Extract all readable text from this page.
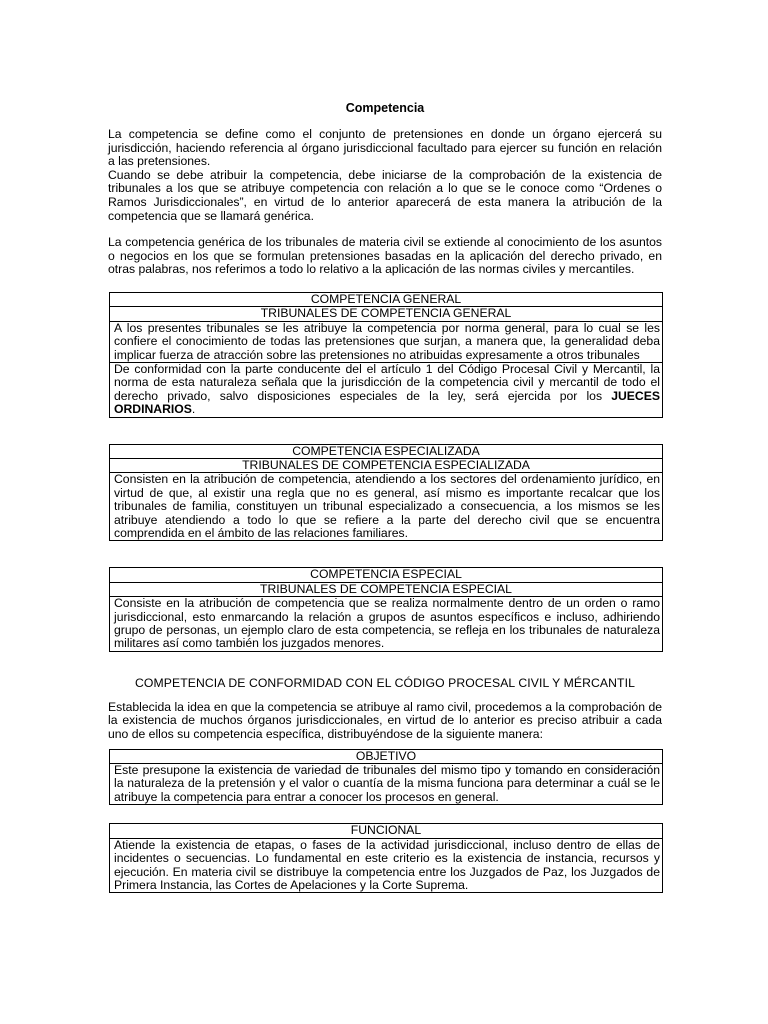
Competencia

La competencia se define como el conjunto de pretensiones en donde un órgano ejercerá su jurisdicción, haciendo referencia al órgano jurisdiccional facultado para ejercer su función en relación a las pretensiones.

Cuando se debe atribuir la competencia, debe iniciarse de la comprobación de la existencia de tribunales a los que se atribuye competencia con relación a lo que se le conoce como “Ordenes o Ramos Jurisdiccionales”, en virtud de lo anterior aparecerá de esta manera la atribución de la competencia que se llamará genérica.

La competencia genérica de los tribunales de materia civil se extiende al conocimiento de los asuntos o negocios en los que se formulan pretensiones basadas en la aplicación del derecho privado, en otras palabras, nos referimos a todo lo relativo a la aplicación de las normas civiles y mercantiles.

COMPETENCIA GENERAL
TRIBUNALES DE COMPETENCIA GENERAL
A los presentes tribunales se les atribuye la competencia por norma general, para lo cual se les confiere el conocimiento de todas las pretensiones que surjan, a manera que, la generalidad deba implicar fuerza de atracción sobre las pretensiones no atribuidas expresamente a otros tribunales
De conformidad con la parte conducente del el artículo 1 del Código Procesal Civil y Mercantil, la norma de esta naturaleza señala que la jurisdicción de la competencia civil y mercantil de todo el derecho privado, salvo disposiciones especiales de la ley, será ejercida por los JUECES ORDINARIOS.
COMPETENCIA ESPECIALIZADA
TRIBUNALES DE COMPETENCIA ESPECIALIZADA
Consisten en la atribución de competencia, atendiendo a los sectores del ordenamiento jurídico, en virtud de que, al existir una regla que no es general, así mismo es importante recalcar que los tribunales de familia, constituyen un tribunal especializado a consecuencia, a los mismos se les atribuye atendiendo a todo lo que se refiere a la parte del derecho civil que se encuentra comprendida en el ámbito de las relaciones familiares.
COMPETENCIA ESPECIAL
TRIBUNALES DE COMPETENCIA ESPECIAL
Consiste en la atribución de competencia que se realiza normalmente dentro de un orden o ramo jurisdiccional, esto enmarcando la relación a grupos de asuntos específicos e incluso, adhiriendo grupo de personas, un ejemplo claro de esta competencia, se refleja en los tribunales de naturaleza militares así como también los juzgados menores.
COMPETENCIA DE CONFORMIDAD CON EL CÓDIGO PROCESAL CIVIL Y MÉRCANTIL

Establecida la idea en que la competencia se atribuye al ramo civil, procedemos a la comprobación de la existencia de muchos órganos jurisdiccionales, en virtud de lo anterior es preciso atribuir a cada uno de ellos su competencia específica, distribuyéndose de la siguiente manera:

OBJETIVO
Este presupone la existencia de variedad de tribunales del mismo tipo y tomando en consideración la naturaleza de la pretensión y el valor o cuantía de la misma funciona para determinar a cuál se le atribuye la competencia para entrar a conocer los procesos en general.
FUNCIONAL
Atiende la existencia de etapas, o fases de la actividad jurisdiccional, incluso dentro de ellas de incidentes o secuencias. Lo fundamental en este criterio es la existencia de instancia, recursos y ejecución. En materia civil se distribuye la competencia entre los Juzgados de Paz, los Juzgados de Primera Instancia, las Cortes de Apelaciones y la Corte Suprema.
